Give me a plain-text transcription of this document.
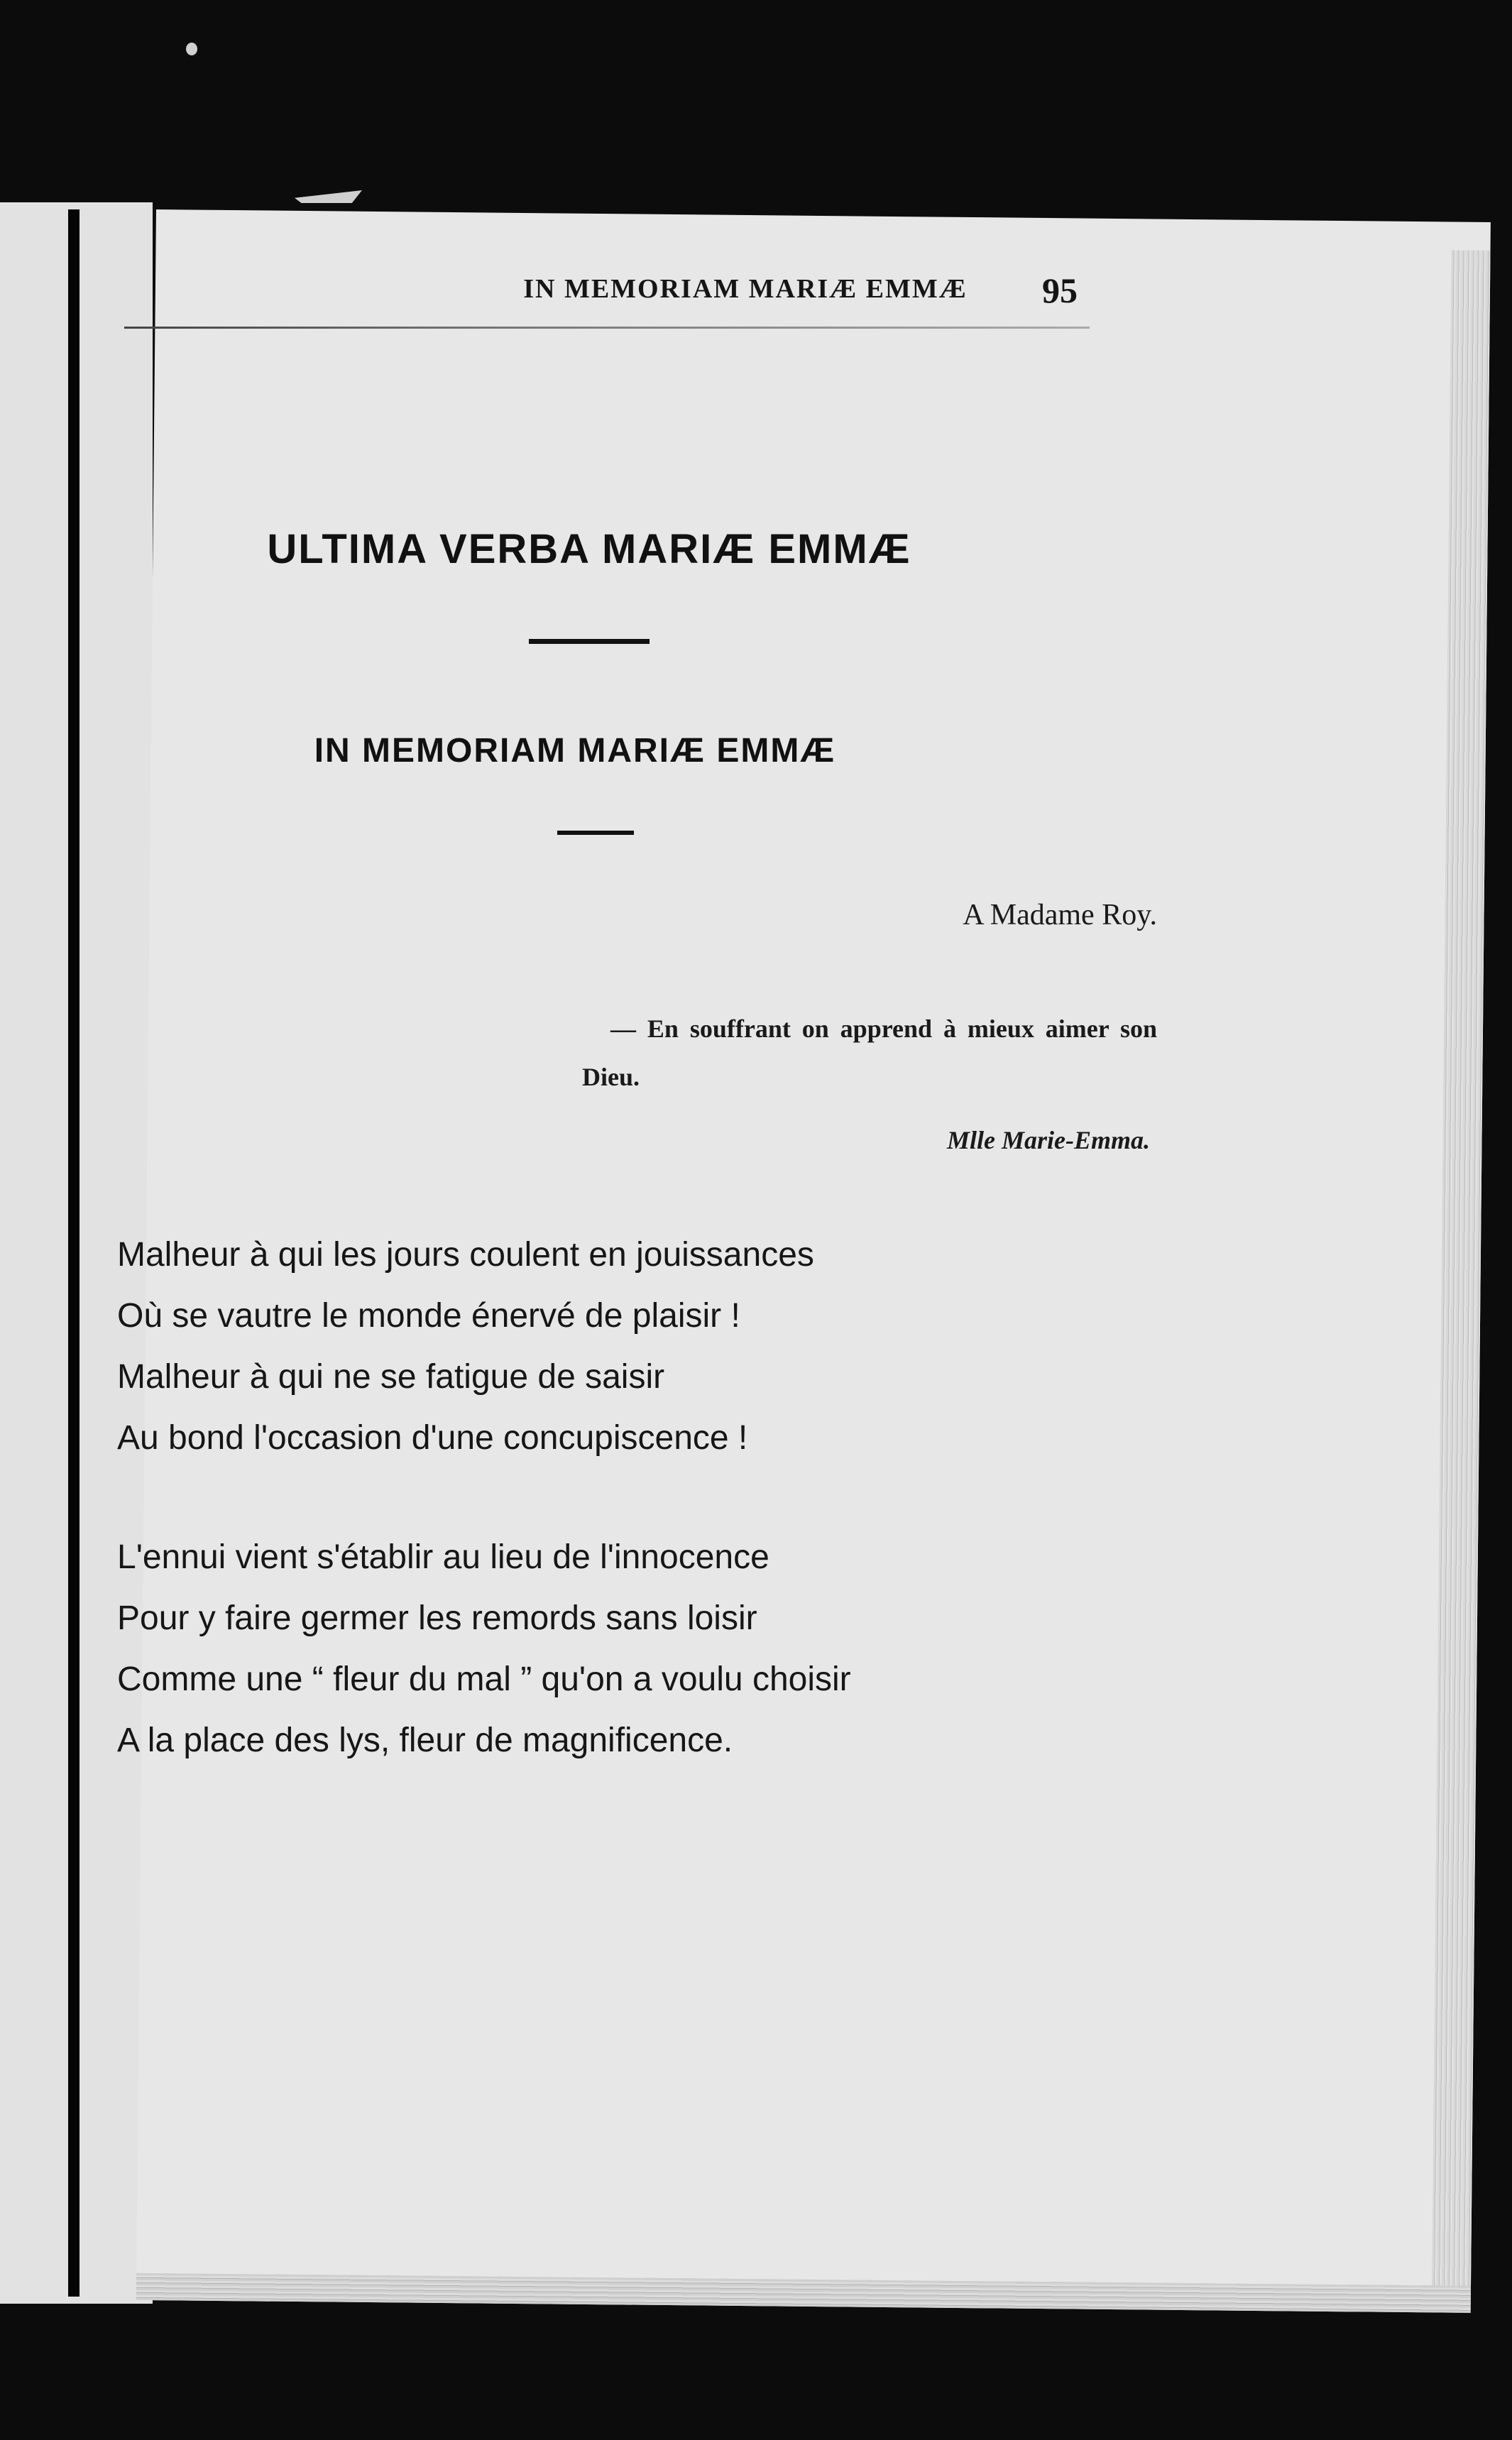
IN MEMORIAM MARIÆ EMMÆ	95
ULTIMA VERBA MARIÆ EMMÆ
IN MEMORIAM MARIÆ EMMÆ
A Madame Roy.
— En souffrant on apprend à mieux aimer son Dieu.
Mlle Marie-Emma.
Malheur à qui les jours coulent en jouissances
Où se vautre le monde énervé de plaisir !
Malheur à qui ne se fatigue de saisir
Au bond l'occasion d'une concupiscence !
L'ennui vient s'établir au lieu de l'innocence
Pour y faire germer les remords sans loisir
Comme une “ fleur du mal ” qu'on a voulu choisir
A la place des lys, fleur de magnificence.
